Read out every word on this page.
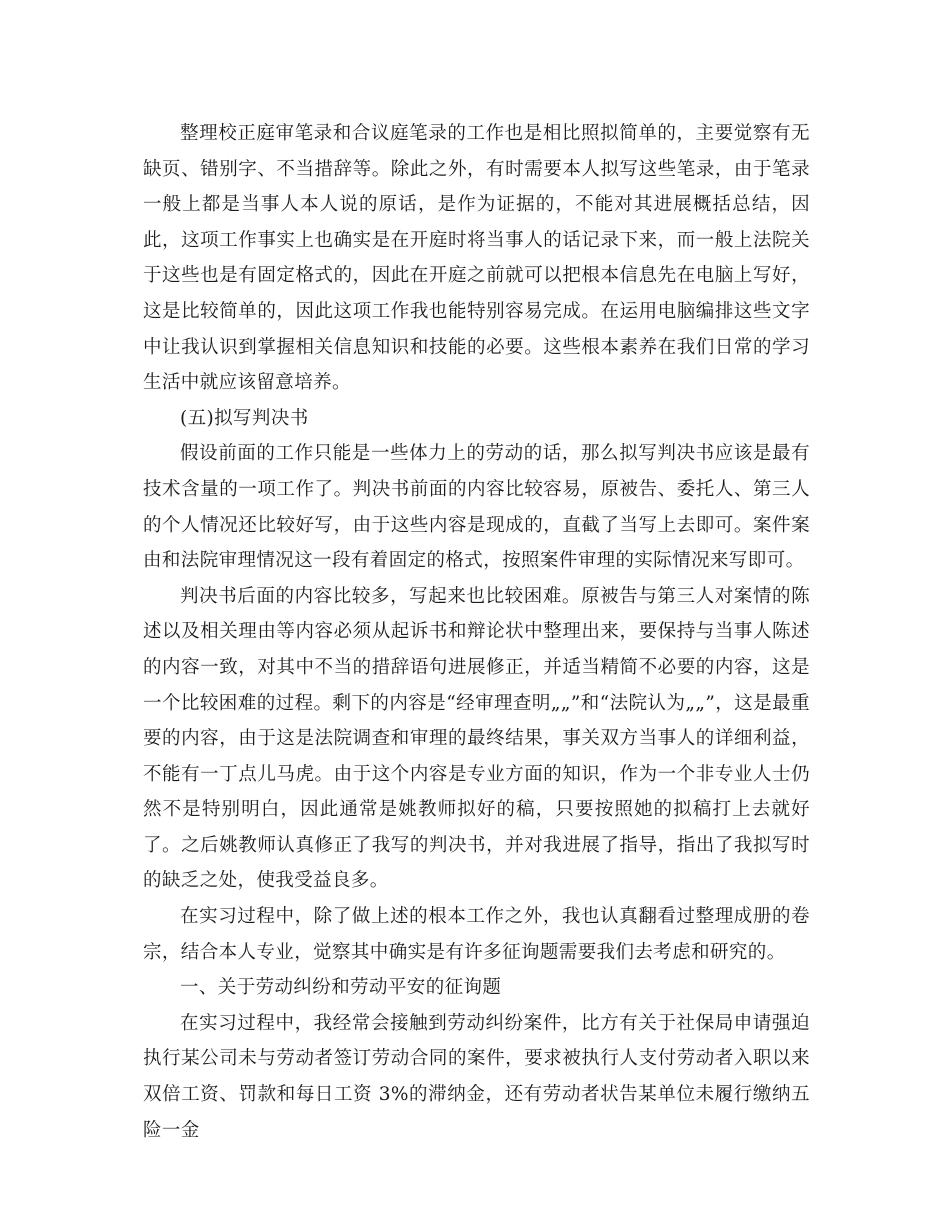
整理校正庭审笔录和合议庭笔录的工作也是相比照拟简单的，主要觉察有无缺页、错别字、不当措辞等。除此之外，有时需要本人拟写这些笔录，由于笔录一般上都是当事人本人说的原话，是作为证据的，不能对其进展概括总结，因此，这项工作事实上也确实是在开庭时将当事人的话记录下来，而一般上法院关于这些也是有固定格式的，因此在开庭之前就可以把根本信息先在电脑上写好，这是比较简单的，因此这项工作我也能特别容易完成。在运用电脑编排这些文字中让我认识到掌握相关信息知识和技能的必要。这些根本素养在我们日常的学习生活中就应该留意培养。

(五)拟写判决书

假设前面的工作只能是一些体力上的劳动的话，那么拟写判决书应该是最有技术含量的一项工作了。判决书前面的内容比较容易，原被告、委托人、第三人的个人情况还比较好写，由于这些内容是现成的，直截了当写上去即可。案件案由和法院审理情况这一段有着固定的格式，按照案件审理的实际情况来写即可。

判决书后面的内容比较多，写起来也比较困难。原被告与第三人对案情的陈述以及相关理由等内容必须从起诉书和辩论状中整理出来，要保持与当事人陈述的内容一致，对其中不当的措辞语句进展修正，并适当精简不必要的内容，这是一个比较困难的过程。剩下的内容是“经审理查明„„”和“法院认为„„”，这是最重要的内容，由于这是法院调查和审理的最终结果，事关双方当事人的详细利益，不能有一丁点儿马虎。由于这个内容是专业方面的知识，作为一个非专业人士仍然不是特别明白，因此通常是姚教师拟好的稿，只要按照她的拟稿打上去就好了。之后姚教师认真修正了我写的判决书，并对我进展了指导，指出了我拟写时的缺乏之处，使我受益良多。

在实习过程中，除了做上述的根本工作之外，我也认真翻看过整理成册的卷宗，结合本人专业，觉察其中确实是有许多征询题需要我们去考虑和研究的。

一、关于劳动纠纷和劳动平安的征询题

在实习过程中，我经常会接触到劳动纠纷案件，比方有关于社保局申请强迫执行某公司未与劳动者签订劳动合同的案件，要求被执行人支付劳动者入职以来双倍工资、罚款和每日工资 3%的滞纳金，还有劳动者状告某单位未履行缴纳五险一金
